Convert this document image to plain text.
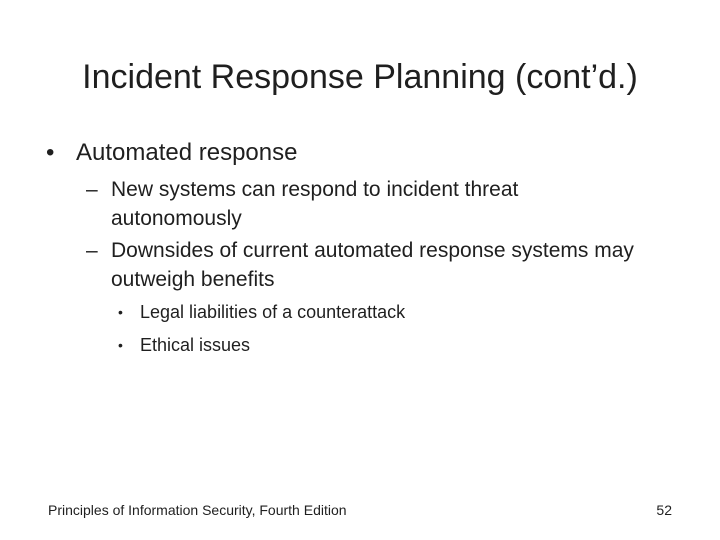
Incident Response Planning (cont’d.)
• Automated response
– New systems can respond to incident threat autonomously
– Downsides of current automated response systems may outweigh benefits
• Legal liabilities of a counterattack
• Ethical issues
Principles of Information Security, Fourth Edition	52
